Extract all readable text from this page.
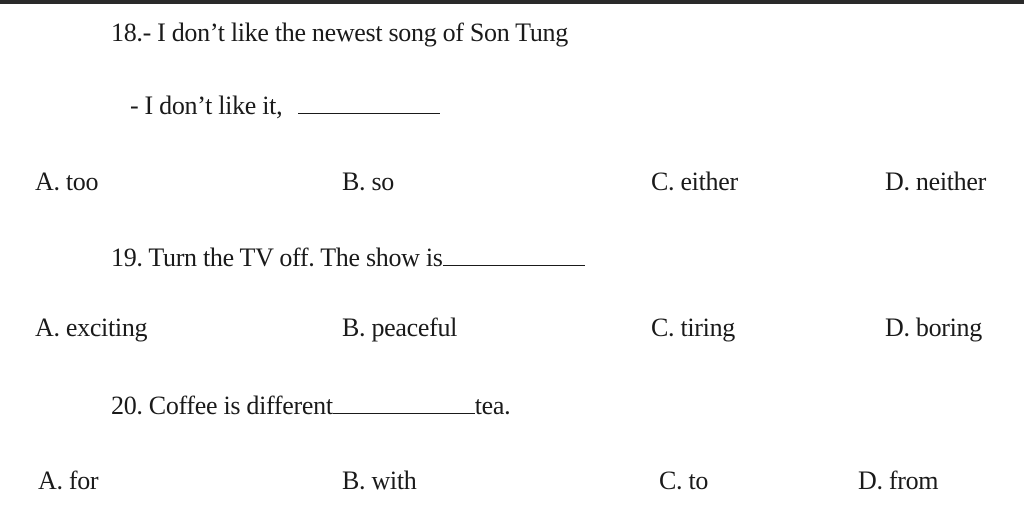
18.- I don’t like the newest song of Son Tung
- I don’t like it,
A. too	B. so	C. either	D. neither
19. Turn the TV off. The show is
A. exciting	B. peaceful	C. tiring	D. boring
20. Coffee is different	tea.
A. for	B. with	C. to	D. from
